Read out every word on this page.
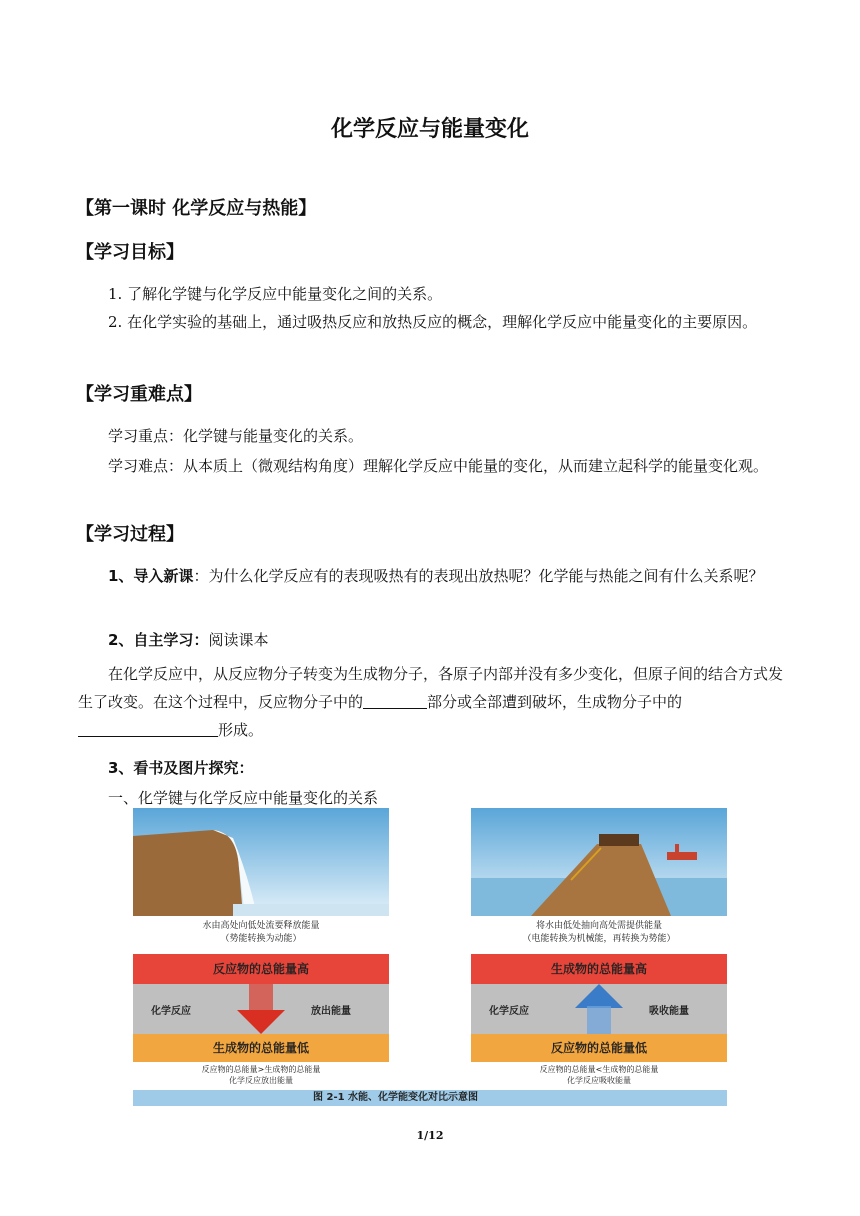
化学反应与能量变化
【第一课时 化学反应与热能】
【学习目标】
1. 了解化学键与化学反应中能量变化之间的关系。
2. 在化学实验的基础上，通过吸热反应和放热反应的概念，理解化学反应中能量变化的主要原因。
【学习重难点】
学习重点：化学键与能量变化的关系。
学习难点：从本质上（微观结构角度）理解化学反应中能量的变化，从而建立起科学的能量变化观。
【学习过程】
1、导入新课：为什么化学反应有的表现吸热有的表现出放热呢？化学能与热能之间有什么关系呢？
2、自主学习：阅读课本
在化学反应中，从反应物分子转变为生成物分子，各原子内部并没有多少变化，但原子间的结合方式发生了改变。在这个过程中，反应物分子中的	部分或全部遭到破坏，生成物分子中的形成。
3、看书及图片探究：
一、化学键与化学反应中能量变化的关系
水由高处向低处流要释放能量
（势能转换为动能）
反应物的总能量高
化学反应	放出能量
生成物的总能量低
反应物的总能量>生成物的总能量
化学反应放出能量
将水由低处抽向高处需提供能量
（电能转换为机械能，再转换为势能）
生成物的总能量高
化学反应	吸收能量
反应物的总能量低
反应物的总能量<生成物的总能量
化学反应吸收能量
图 2-1 水能、化学能变化对比示意图
1/12
